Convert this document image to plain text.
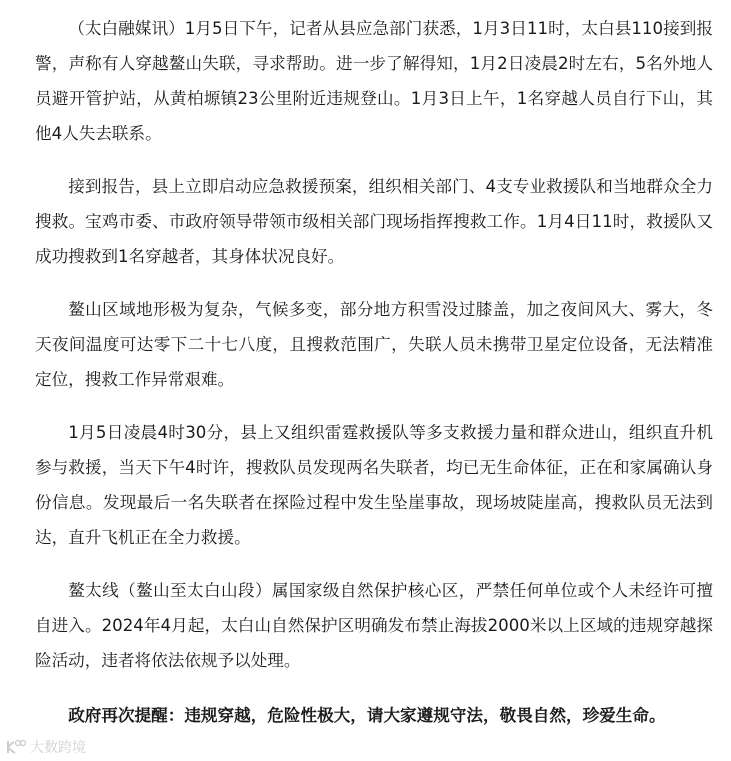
（太白融媒讯）1月5日下午，记者从县应急部门获悉，1月3日11时，太白县110接到报警，声称有人穿越鳌山失联，寻求帮助。进一步了解得知，1月2日凌晨2时左右，5名外地人员避开管护站，从黄柏塬镇23公里附近违规登山。1月3日上午，1名穿越人员自行下山，其他4人失去联系。

接到报告，县上立即启动应急救援预案，组织相关部门、4支专业救援队和当地群众全力搜救。宝鸡市委、市政府领导带领市级相关部门现场指挥搜救工作。1月4日11时，救援队又成功搜救到1名穿越者，其身体状况良好。

鳌山区域地形极为复杂，气候多变，部分地方积雪没过膝盖，加之夜间风大、雾大，冬天夜间温度可达零下二十七八度，且搜救范围广，失联人员未携带卫星定位设备，无法精准定位，搜救工作异常艰难。

1月5日凌晨4时30分，县上又组织雷霆救援队等多支救援力量和群众进山，组织直升机参与救援，当天下午4时许，搜救队员发现两名失联者，均已无生命体征，正在和家属确认身份信息。发现最后一名失联者在探险过程中发生坠崖事故，现场坡陡崖高，搜救队员无法到达，直升飞机正在全力救援。

鳌太线（鳌山至太白山段）属国家级自然保护核心区，严禁任何单位或个人未经许可擅自进入。2024年4月起，太白山自然保护区明确发布禁止海拔2000米以上区域的违规穿越探险活动，违者将依法依规予以处理。

政府再次提醒：违规穿越，危险性极大，请大家遵规守法，敬畏自然，珍爱生命。

大数跨境
